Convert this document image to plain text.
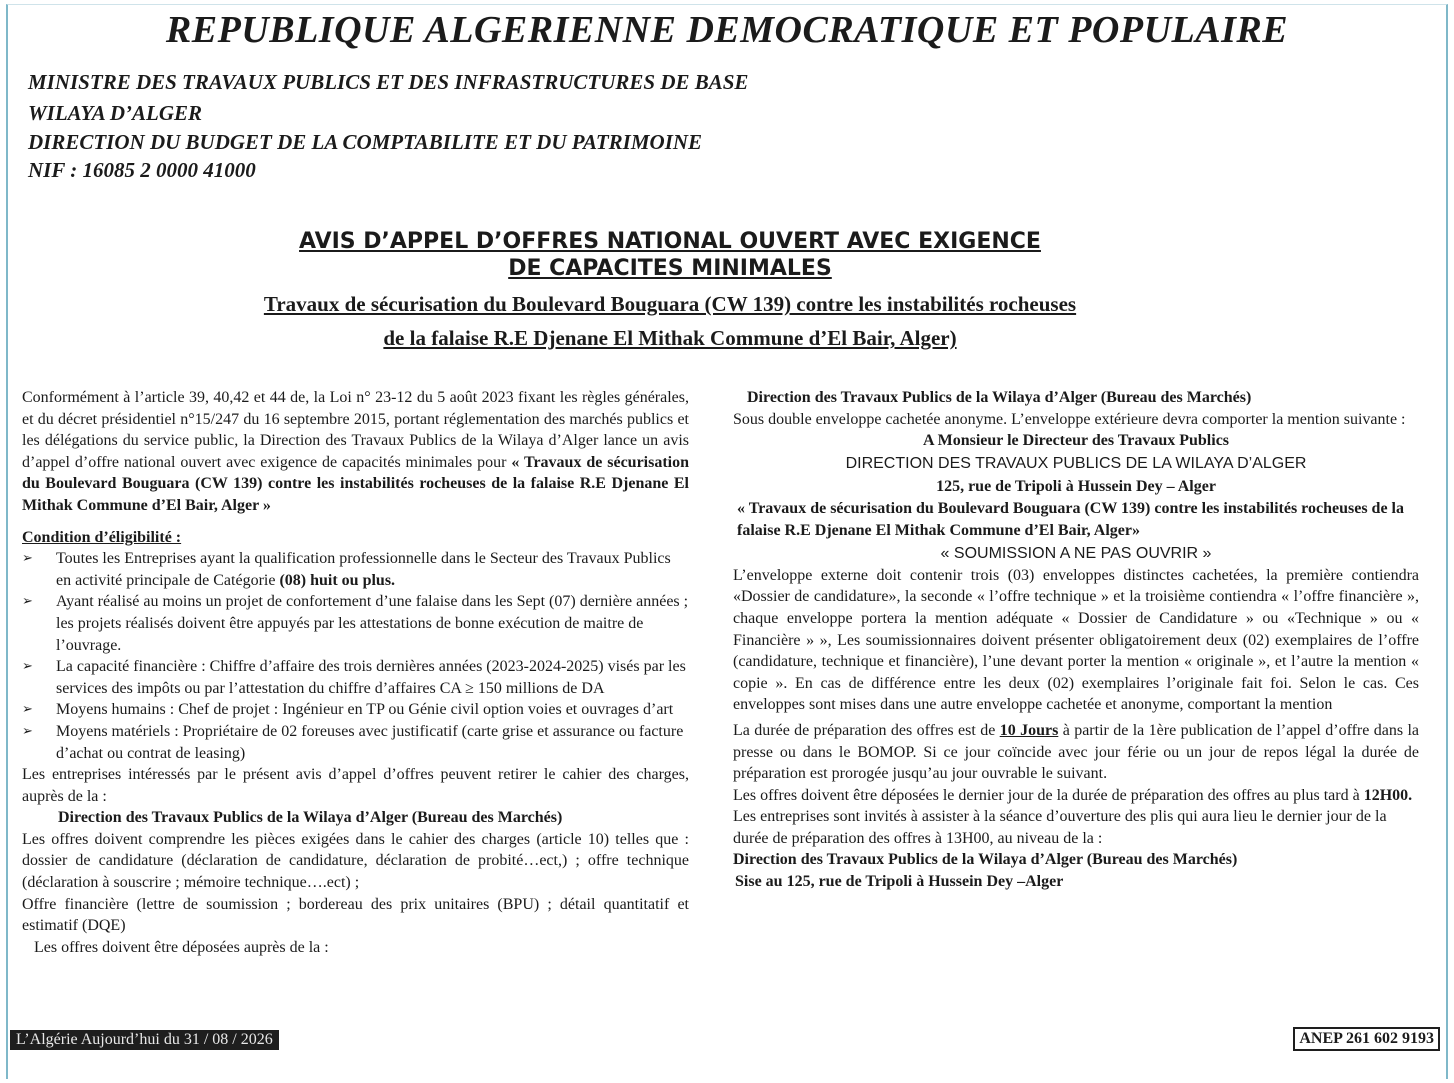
REPUBLIQUE ALGERIENNE DEMOCRATIQUE ET POPULAIRE
MINISTRE DES TRAVAUX PUBLICS ET DES INFRASTRUCTURES DE BASE
WILAYA D’ALGER
DIRECTION DU BUDGET DE LA COMPTABILITE ET DU PATRIMOINE
NIF : 16085 2 0000 41000
AVIS D’APPEL D’OFFRES NATIONAL OUVERT AVEC EXIGENCE
DE CAPACITES MINIMALES
Travaux de sécurisation du Boulevard Bouguara (CW 139) contre les instabilités rocheuses
de la falaise R.E Djenane El Mithak Commune d’El Bair, Alger)

Conformément à l’article 39, 40,42 et 44 de, la Loi n° 23-12 du 5 août 2023 fixant les règles générales, et du décret présidentiel n°15/247 du 16 septembre 2015, portant réglementation des marchés publics et les délégations du service public, la Direction des Travaux Publics de la Wilaya d’Alger lance un avis d’appel d’offre national ouvert avec exigence de capacités minimales pour « Travaux de sécurisation du Boulevard Bouguara (CW 139) contre les instabilités rocheuses de la falaise R.E Djenane El Mithak Commune d’El Bair, Alger »

Condition d’éligibilité :

➢ Toutes les Entreprises ayant la qualification professionnelle dans le Secteur des Travaux Publics en activité principale de Catégorie (08) huit ou plus.

➢ Ayant réalisé au moins un projet de confortement d’une falaise dans les Sept (07) dernière années ; les projets réalisés doivent être appuyés par les attestations de bonne exécution de maitre de l’ouvrage.

➢ La capacité financière : Chiffre d’affaire des trois dernières années (2023-2024-2025) visés par les services des impôts ou par l’attestation du chiffre d’affaires CA ≥ 150 millions de DA

➢ Moyens humains : Chef de projet : Ingénieur en TP ou Génie civil option voies et ouvrages d’art

➢ Moyens matériels : Propriétaire de 02 foreuses avec justificatif (carte grise et assurance ou facture d’achat ou contrat de leasing)

Les entreprises intéressés par le présent avis d’appel d’offres peuvent retirer le cahier des charges, auprès de la :

Direction des Travaux Publics de la Wilaya d’Alger (Bureau des Marchés)

Les offres doivent comprendre les pièces exigées dans le cahier des charges (article 10) telles que : dossier de candidature (déclaration de candidature, déclaration de probité…ect,) ; offre technique (déclaration à souscrire ; mémoire technique….ect) ;

Offre financière (lettre de soumission ; bordereau des prix unitaires (BPU) ; détail quantitatif et estimatif (DQE)

Les offres doivent être déposées auprès de la :

Direction des Travaux Publics de la Wilaya d’Alger (Bureau des Marchés)

Sous double enveloppe cachetée anonyme. L’enveloppe extérieure devra comporter la mention suivante :

A Monsieur le Directeur des Travaux Publics

DIRECTION DES TRAVAUX PUBLICS DE LA WILAYA D’ALGER

125, rue de Tripoli à Hussein Dey – Alger

« Travaux de sécurisation du Boulevard Bouguara (CW 139) contre les instabilités rocheuses de la falaise R.E Djenane El Mithak Commune d’El Bair, Alger»

« SOUMISSION A NE PAS OUVRIR »

L’enveloppe externe doit contenir trois (03) enveloppes distinctes cachetées, la première contiendra «Dossier de candidature», la seconde « l’offre technique » et la troisième contiendra « l’offre financière », chaque enveloppe portera la mention adéquate « Dossier de Candidature » ou «Technique » ou « Financière » », Les soumissionnaires doivent présenter obligatoirement deux (02) exemplaires de l’offre (candidature, technique et financière), l’une devant porter la mention « originale », et l’autre la mention « copie ». En cas de différence entre les deux (02) exemplaires l’originale fait foi. Selon le cas. Ces enveloppes sont mises dans une autre enveloppe cachetée et anonyme, comportant la mention

La durée de préparation des offres est de 10 Jours à partir de la 1ère publication de l’appel d’offre dans la presse ou dans le BOMOP. Si ce jour coïncide avec jour férie ou un jour de repos légal la durée de préparation est prorogée jusqu’au jour ouvrable le suivant.

Les offres doivent être déposées le dernier jour de la durée de préparation des offres au plus tard à 12H00.

Les entreprises sont invités à assister à la séance d’ouverture des plis qui aura lieu le dernier jour de la

durée de préparation des offres à 13H00, au niveau de la :

Direction des Travaux Publics de la Wilaya d’Alger (Bureau des Marchés)

Sise au 125, rue de Tripoli à Hussein Dey –Alger

L’Algérie Aujourd’hui du 31 / 08 / 2026	ANEP 261 602 9193
